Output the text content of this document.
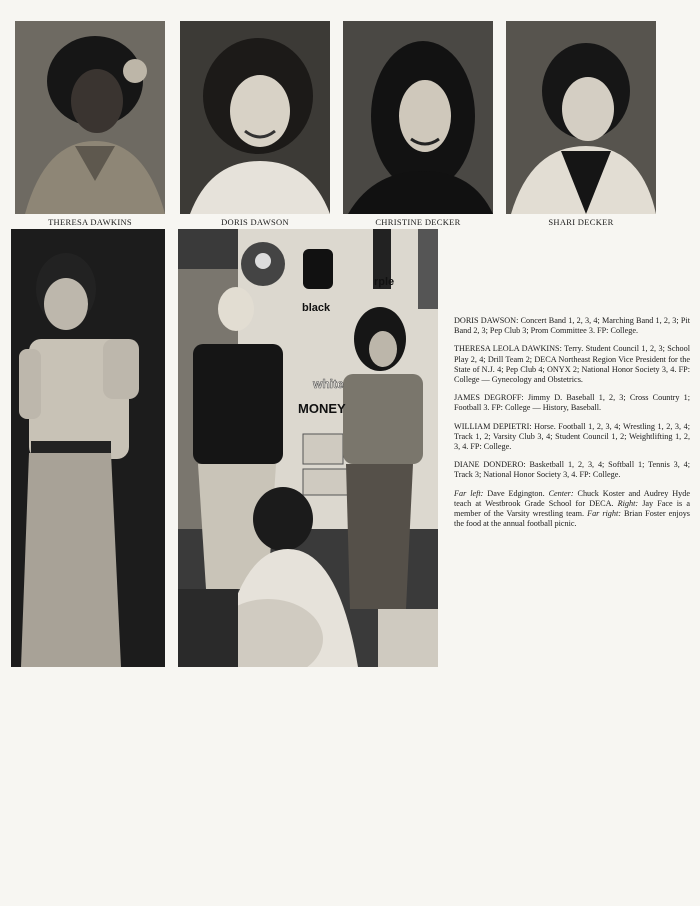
THERESA DAWKINS	DORIS DAWSON	CHRISTINE DECKER	SHARI DECKER
black
white
MONEY
rple

DORIS DAWSON: Concert Band 1, 2, 3, 4; Marching Band 1, 2, 3; Pit Band 2, 3; Pep Club 3; Prom Committee 3. FP: College.

THERESA LEOLA DAWKINS: Terry. Student Council 1, 2, 3; School Play 2, 4; Drill Team 2; DECA Northeast Region Vice President for the State of N.J. 4; Pep Club 4; ONYX 2; National Honor Society 3, 4. FP: College — Gynecology and Obstetrics.

JAMES DEGROFF: Jimmy D. Baseball 1, 2, 3; Cross Country 1; Football 3. FP: College — History, Baseball.

WILLIAM DEPIETRI: Horse. Football 1, 2, 3, 4; Wrestling 1, 2, 3, 4; Track 1, 2; Varsity Club 3, 4; Student Council 1, 2; Weightlifting 1, 2, 3, 4. FP: College.

DIANE DONDERO: Basketball 1, 2, 3, 4; Softball 1; Tennis 3, 4; Track 3; National Honor Society 3, 4. FP: College.

Far left: Dave Edgington. Center: Chuck Koster and Audrey Hyde teach at Westbrook Grade School for DECA. Right: Jay Face is a member of the Varsity wrestling team. Far right: Brian Foster enjoys the food at the annual football picnic.
